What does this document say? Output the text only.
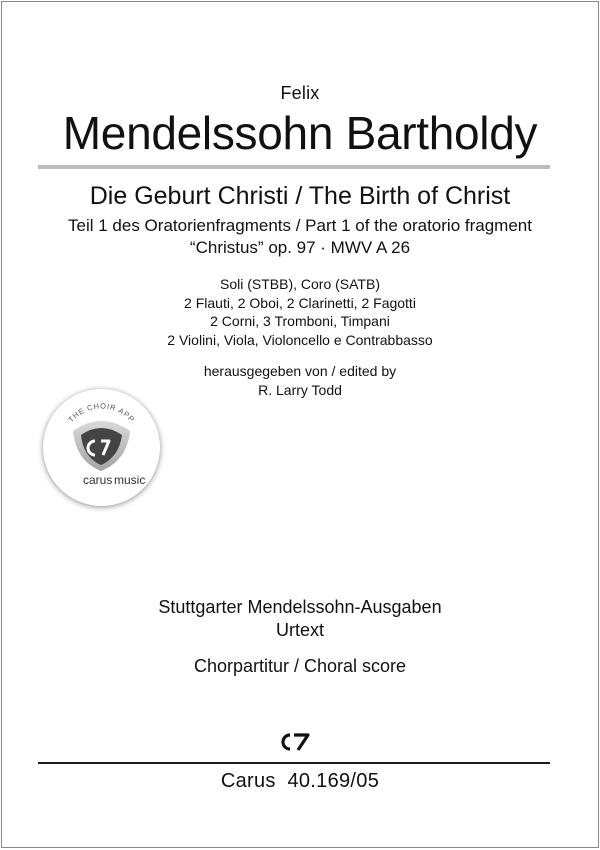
Felix
Mendelssohn Bartholdy
Die Geburt Christi / The Birth of Christ
Teil 1 des Oratorienfragments / Part 1 of the oratorio fragment
“Christus” op. 97 · MWV A 26
Soli (STBB), Coro (SATB)
2 Flauti, 2 Oboi, 2 Clarinetti, 2 Fagotti
2 Corni, 3 Tromboni, Timpani
2 Violini, Viola, Violoncello e Contrabbasso
herausgegeben von / edited by
R. Larry Todd
THE CHOIR APP
carus music
Stuttgarter Mendelssohn-Ausgaben
Urtext
Chorpartitur / Choral score
Carus  40.169/05
